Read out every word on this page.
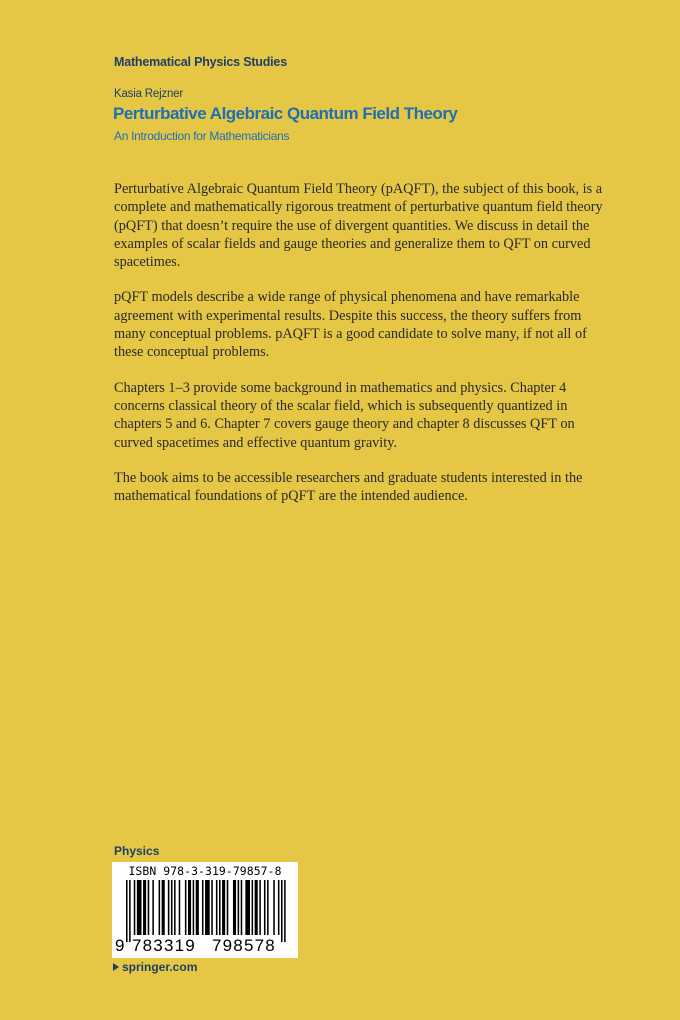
Mathematical Physics Studies
Kasia Rejzner
Perturbative Algebraic Quantum Field Theory
An Introduction for Mathematicians

Perturbative Algebraic Quantum Field Theory (pAQFT), the subject of this book, is a complete and mathematically rigorous treatment of perturbative quantum field theory (pQFT) that doesn’t require the use of divergent quantities. We discuss in detail the examples of scalar fields and gauge theories and generalize them to QFT on curved spacetimes.

pQFT models describe a wide range of physical phenomena and have remarkable agreement with experimental results. Despite this success, the theory suffers from many conceptual problems. pAQFT is a good candidate to solve many, if not all of these conceptual problems.

Chapters 1–3 provide some background in mathematics and physics. Chapter 4 concerns classical theory of the scalar field, which is subsequently quantized in chapters 5 and 6. Chapter 7 covers gauge theory and chapter 8 discusses QFT on curved spacetimes and effective quantum gravity.

The book aims to be accessible researchers and graduate students interested in the mathematical foundations of pQFT are the intended audience.

Physics
ISBN 978-3-319-79857-8
9 783319 798578
springer.com
